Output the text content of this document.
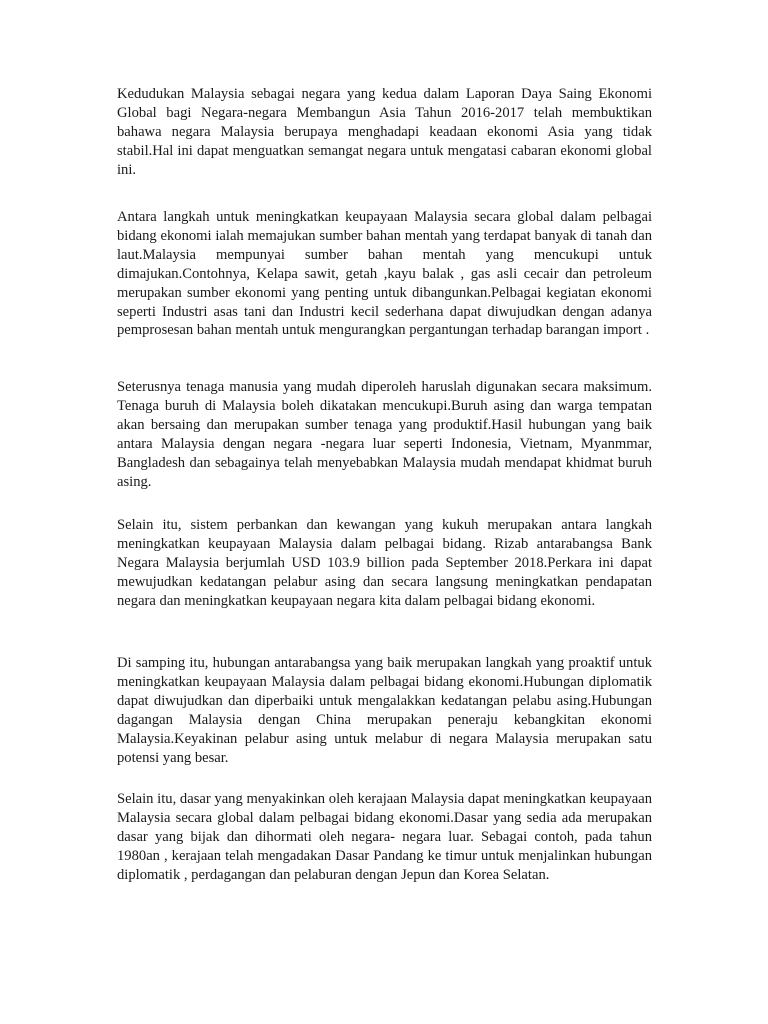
Kedudukan Malaysia sebagai negara yang kedua dalam Laporan Daya Saing Ekonomi Global bagi Negara-negara Membangun Asia Tahun 2016-2017 telah membuktikan bahawa negara Malaysia berupaya menghadapi keadaan ekonomi Asia yang tidak stabil.Hal ini dapat menguatkan semangat negara untuk mengatasi cabaran ekonomi global ini.

Antara langkah untuk meningkatkan keupayaan Malaysia secara global dalam pelbagai bidang ekonomi ialah memajukan sumber bahan mentah yang terdapat banyak di tanah dan laut.Malaysia mempunyai sumber bahan mentah yang mencukupi untuk dimajukan.Contohnya, Kelapa sawit, getah ,kayu balak , gas asli cecair dan petroleum merupakan sumber ekonomi yang penting untuk dibangunkan.Pelbagai kegiatan ekonomi seperti Industri asas tani dan Industri kecil sederhana dapat diwujudkan dengan adanya pemprosesan bahan mentah untuk mengurangkan pergantungan terhadap barangan import .

Seterusnya tenaga manusia yang mudah diperoleh haruslah digunakan secara maksimum. Tenaga buruh di Malaysia boleh dikatakan mencukupi.Buruh asing dan warga tempatan akan bersaing dan merupakan sumber tenaga yang produktif.Hasil hubungan yang baik antara Malaysia dengan negara -negara luar seperti Indonesia, Vietnam, Myanmmar, Bangladesh dan sebagainya telah menyebabkan Malaysia mudah mendapat khidmat buruh asing.

Selain itu, sistem perbankan dan kewangan yang kukuh merupakan antara langkah meningkatkan keupayaan Malaysia dalam pelbagai bidang. Rizab antarabangsa Bank Negara Malaysia berjumlah USD 103.9 billion pada September 2018.Perkara ini dapat mewujudkan kedatangan pelabur asing dan secara langsung meningkatkan pendapatan negara dan meningkatkan keupayaan negara kita dalam pelbagai bidang ekonomi.

Di samping itu, hubungan antarabangsa yang baik merupakan langkah yang proaktif untuk meningkatkan keupayaan Malaysia dalam pelbagai bidang ekonomi.Hubungan diplomatik dapat diwujudkan dan diperbaiki untuk mengalakkan kedatangan pelabu asing.Hubungan dagangan Malaysia dengan China merupakan peneraju kebangkitan ekonomi Malaysia.Keyakinan pelabur asing untuk melabur di negara Malaysia merupakan satu potensi yang besar.

Selain itu, dasar yang menyakinkan oleh kerajaan Malaysia dapat meningkatkan keupayaan Malaysia secara global dalam pelbagai bidang ekonomi.Dasar yang sedia ada merupakan dasar yang bijak dan dihormati oleh negara- negara luar. Sebagai contoh, pada tahun 1980an , kerajaan telah mengadakan Dasar Pandang ke timur untuk menjalinkan hubungan diplomatik , perdagangan dan pelaburan dengan Jepun dan Korea Selatan.
